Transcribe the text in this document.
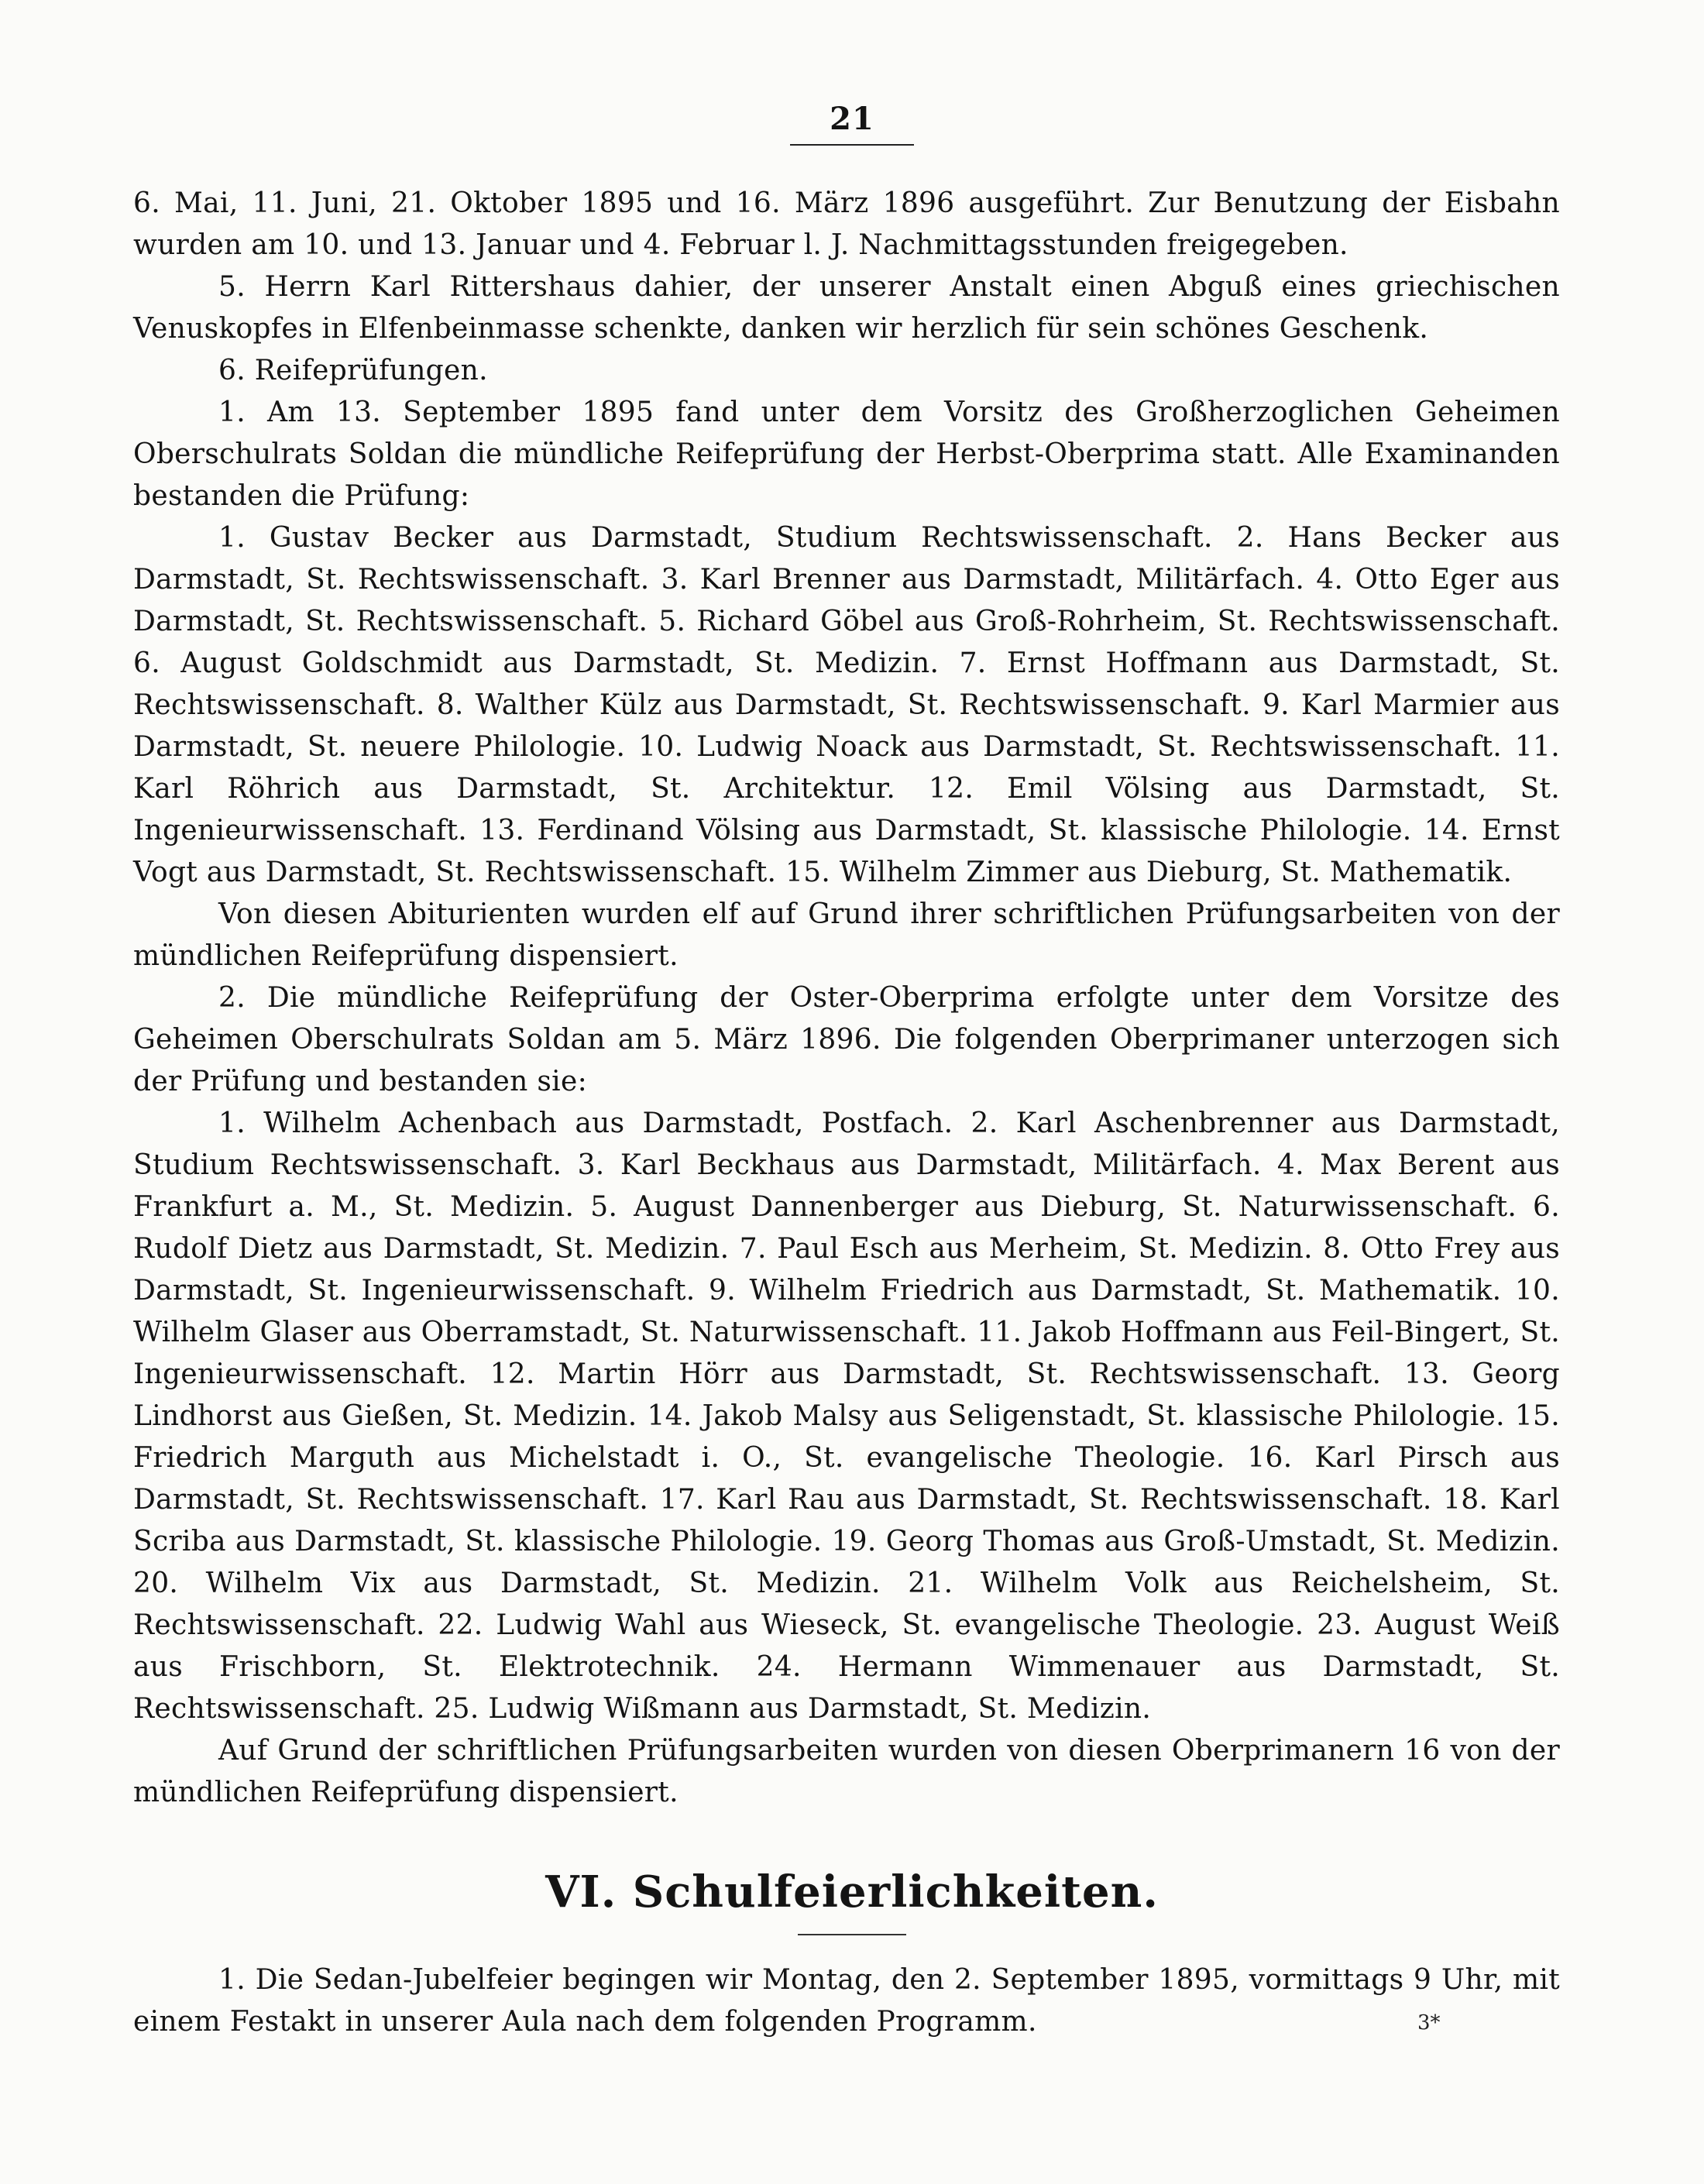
21

6. Mai, 11. Juni, 21. Oktober 1895 und 16. März 1896 ausgeführt. Zur Benutzung der Eisbahn wurden am 10. und 13. Januar und 4. Februar l. J. Nachmittagsstunden freigegeben.

5. Herrn Karl Rittershaus dahier, der unserer Anstalt einen Abguß eines griechischen Venuskopfes in Elfenbeinmasse schenkte, danken wir herzlich für sein schönes Geschenk.

6. Reifeprüfungen.

1. Am 13. September 1895 fand unter dem Vorsitz des Großherzoglichen Geheimen Oberschulrats Soldan die mündliche Reifeprüfung der Herbst-Oberprima statt. Alle Examinanden bestanden die Prüfung:

1. Gustav Becker aus Darmstadt, Studium Rechtswissenschaft. 2. Hans Becker aus Darmstadt, St. Rechtswissenschaft. 3. Karl Brenner aus Darmstadt, Militärfach. 4. Otto Eger aus Darmstadt, St. Rechtswissenschaft. 5. Richard Göbel aus Groß-Rohrheim, St. Rechtswissenschaft. 6. August Goldschmidt aus Darmstadt, St. Medizin. 7. Ernst Hoffmann aus Darmstadt, St. Rechtswissenschaft. 8. Walther Külz aus Darmstadt, St. Rechtswissenschaft. 9. Karl Marmier aus Darmstadt, St. neuere Philologie. 10. Ludwig Noack aus Darmstadt, St. Rechtswissenschaft. 11. Karl Röhrich aus Darmstadt, St. Architektur. 12. Emil Völsing aus Darmstadt, St. Ingenieurwissenschaft. 13. Ferdinand Völsing aus Darmstadt, St. klassische Philologie. 14. Ernst Vogt aus Darmstadt, St. Rechtswissenschaft. 15. Wilhelm Zimmer aus Dieburg, St. Mathematik.

Von diesen Abiturienten wurden elf auf Grund ihrer schriftlichen Prüfungsarbeiten von der mündlichen Reifeprüfung dispensiert.

2. Die mündliche Reifeprüfung der Oster-Oberprima erfolgte unter dem Vorsitze des Geheimen Oberschulrats Soldan am 5. März 1896. Die folgenden Oberprimaner unterzogen sich der Prüfung und bestanden sie:

1. Wilhelm Achenbach aus Darmstadt, Postfach. 2. Karl Aschenbrenner aus Darmstadt, Studium Rechtswissenschaft. 3. Karl Beckhaus aus Darmstadt, Militärfach. 4. Max Berent aus Frankfurt a. M., St. Medizin. 5. August Dannenberger aus Dieburg, St. Naturwissenschaft. 6. Rudolf Dietz aus Darmstadt, St. Medizin. 7. Paul Esch aus Merheim, St. Medizin. 8. Otto Frey aus Darmstadt, St. Ingenieurwissenschaft. 9. Wilhelm Friedrich aus Darmstadt, St. Mathematik. 10. Wilhelm Glaser aus Oberramstadt, St. Naturwissenschaft. 11. Jakob Hoffmann aus Feil-Bingert, St. Ingenieurwissenschaft. 12. Martin Hörr aus Darmstadt, St. Rechtswissenschaft. 13. Georg Lindhorst aus Gießen, St. Medizin. 14. Jakob Malsy aus Seligenstadt, St. klassische Philologie. 15. Friedrich Marguth aus Michelstadt i. O., St. evangelische Theologie. 16. Karl Pirsch aus Darmstadt, St. Rechtswissenschaft. 17. Karl Rau aus Darmstadt, St. Rechtswissenschaft. 18. Karl Scriba aus Darmstadt, St. klassische Philologie. 19. Georg Thomas aus Groß-Umstadt, St. Medizin. 20. Wilhelm Vix aus Darmstadt, St. Medizin. 21. Wilhelm Volk aus Reichelsheim, St. Rechtswissenschaft. 22. Ludwig Wahl aus Wieseck, St. evangelische Theologie. 23. August Weiß aus Frischborn, St. Elektrotechnik. 24. Hermann Wimmenauer aus Darmstadt, St. Rechtswissenschaft. 25. Ludwig Wißmann aus Darmstadt, St. Medizin.

Auf Grund der schriftlichen Prüfungsarbeiten wurden von diesen Oberprimanern 16 von der mündlichen Reifeprüfung dispensiert.

VI. Schulfeierlichkeiten.

1. Die Sedan-Jubelfeier begingen wir Montag, den 2. September 1895, vormittags 9 Uhr, mit einem Festakt in unserer Aula nach dem folgenden Programm.	3*
